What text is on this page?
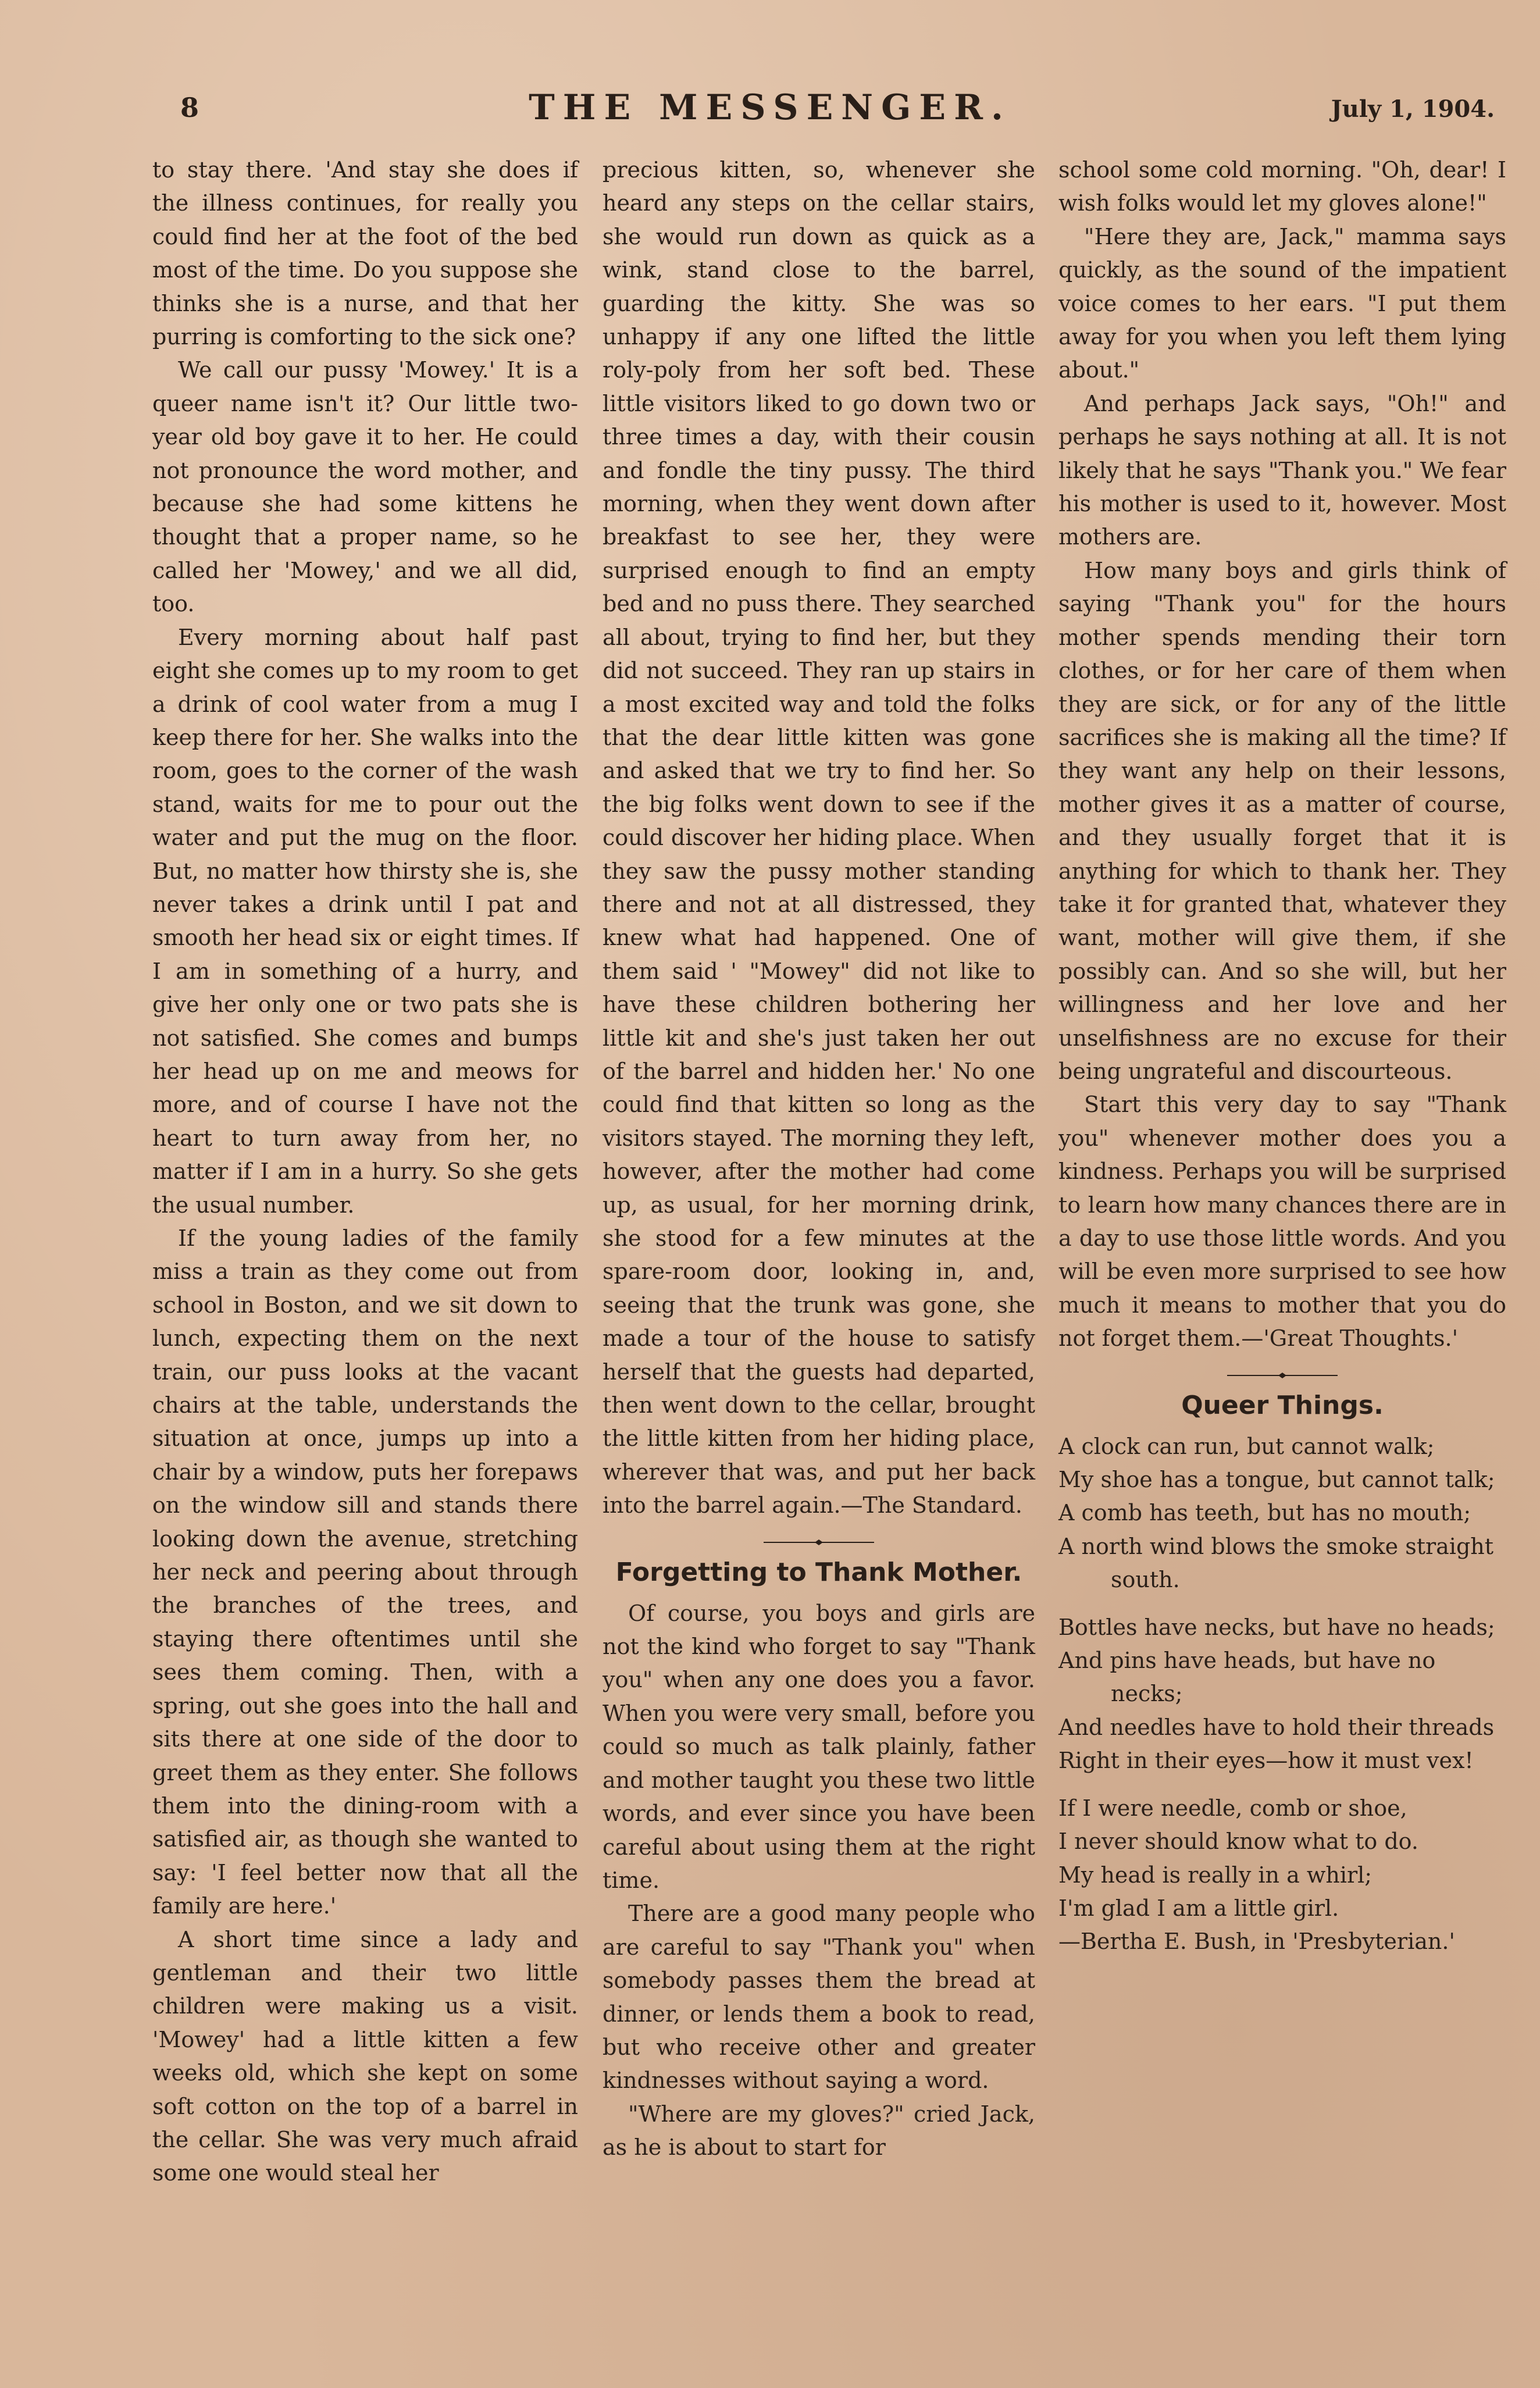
8	THE MESSENGER.	July 1, 1904.

to stay there. 'And stay she does if the illness continues, for really you could find her at the foot of the bed most of the time. Do you suppose she thinks she is a nurse, and that her purring is comforting to the sick one?

We call our pussy 'Mowey.' It is a queer name isn't it? Our little two-year old boy gave it to her. He could not pronounce the word mother, and because she had some kittens he thought that a proper name, so he called her 'Mowey,' and we all did, too.

Every morning about half past eight she comes up to my room to get a drink of cool water from a mug I keep there for her. She walks into the room, goes to the corner of the wash stand, waits for me to pour out the water and put the mug on the floor. But, no matter how thirsty she is, she never takes a drink until I pat and smooth her head six or eight times. If I am in something of a hurry, and give her only one or two pats she is not satisfied. She comes and bumps her head up on me and meows for more, and of course I have not the heart to turn away from her, no matter if I am in a hurry. So she gets the usual number.

If the young ladies of the family miss a train as they come out from school in Boston, and we sit down to lunch, expecting them on the next train, our puss looks at the vacant chairs at the table, understands the situation at once, jumps up into a chair by a window, puts her forepaws on the window sill and stands there looking down the avenue, stretching her neck and peering about through the branches of the trees, and staying there oftentimes until she sees them coming. Then, with a spring, out she goes into the hall and sits there at one side of the door to greet them as they enter. She follows them into the dining-room with a satisfied air, as though she wanted to say: 'I feel better now that all the family are here.'

A short time since a lady and gentleman and their two little children were making us a visit. 'Mowey' had a little kitten a few weeks old, which she kept on some soft cotton on the top of a barrel in the cellar. She was very much afraid some one would steal her

precious kitten, so, whenever she heard any steps on the cellar stairs, she would run down as quick as a wink, stand close to the barrel, guarding the kitty. She was so unhappy if any one lifted the little roly-poly from her soft bed. These little visitors liked to go down two or three times a day, with their cousin and fondle the tiny pussy. The third morning, when they went down after breakfast to see her, they were surprised enough to find an empty bed and no puss there. They searched all about, trying to find her, but they did not succeed. They ran up stairs in a most excited way and told the folks that the dear little kitten was gone and asked that we try to find her. So the big folks went down to see if the could discover her hiding place. When they saw the pussy mother standing there and not at all distressed, they knew what had happened. One of them said ' "Mowey" did not like to have these children bothering her little kit and she's just taken her out of the barrel and hidden her.' No one could find that kitten so long as the visitors stayed. The morning they left, however, after the mother had come up, as usual, for her morning drink, she stood for a few minutes at the spare-room door, looking in, and, seeing that the trunk was gone, she made a tour of the house to satisfy herself that the guests had departed, then went down to the cellar, brought the little kitten from her hiding place, wherever that was, and put her back into the barrel again.—The Standard.

Forgetting to Thank Mother.

Of course, you boys and girls are not the kind who forget to say "Thank you" when any one does you a favor. When you were very small, before you could so much as talk plainly, father and mother taught you these two little words, and ever since you have been careful about using them at the right time.

There are a good many people who are careful to say "Thank you" when somebody passes them the bread at dinner, or lends them a book to read, but who receive other and greater kindnesses without saying a word.

"Where are my gloves?" cried Jack, as he is about to start for

school some cold morning. "Oh, dear! I wish folks would let my gloves alone!"

"Here they are, Jack," mamma says quickly, as the sound of the impatient voice comes to her ears. "I put them away for you when you left them lying about."

And perhaps Jack says, "Oh!" and perhaps he says nothing at all. It is not likely that he says "Thank you." We fear his mother is used to it, however. Most mothers are.

How many boys and girls think of saying "Thank you" for the hours mother spends mending their torn clothes, or for her care of them when they are sick, or for any of the little sacrifices she is making all the time? If they want any help on their lessons, mother gives it as a matter of course, and they usually forget that it is anything for which to thank her. They take it for granted that, whatever they want, mother will give them, if she possibly can. And so she will, but her willingness and her love and her unselfishness are no excuse for their being ungrateful and discourteous.

Start this very day to say "Thank you" whenever mother does you a kindness. Perhaps you will be surprised to learn how many chances there are in a day to use those little words. And you will be even more surprised to see how much it means to mother that you do not forget them.—'Great Thoughts.'

Queer Things.
A clock can run, but cannot walk;
My shoe has a tongue, but cannot talk;
A comb has teeth, but has no mouth;
A north wind blows the smoke straight south.
Bottles have necks, but have no heads;
And pins have heads, but have no necks;
And needles have to hold their threads
Right in their eyes—how it must vex!
If I were needle, comb or shoe,
I never should know what to do.
My head is really in a whirl;
I'm glad I am a little girl.
—Bertha E. Bush, in 'Presbyterian.'
